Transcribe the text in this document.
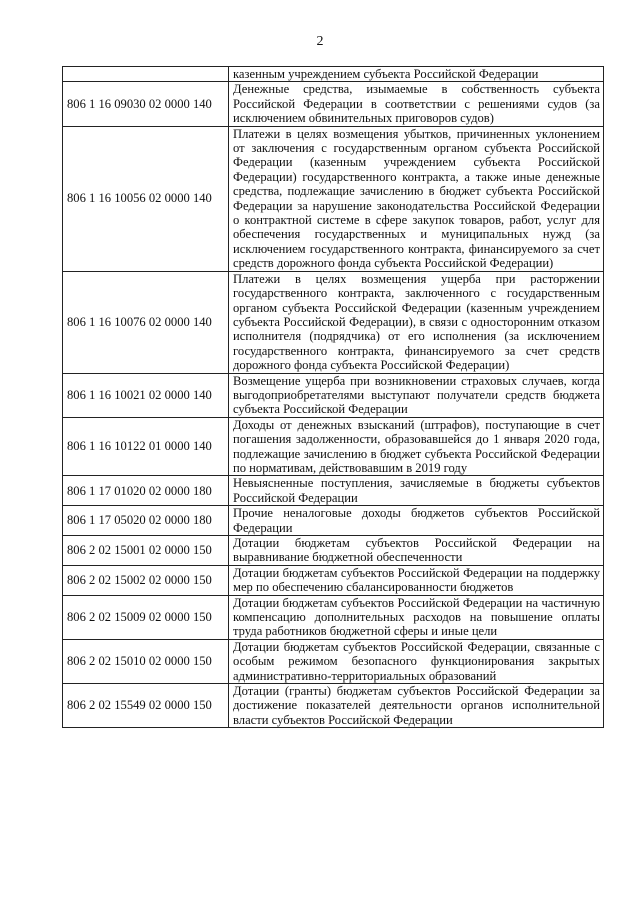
2
	казенным учреждением субъекта Российской Федерации
806 1 16 09030 02 0000 140	Денежные средства, изымаемые в собственность субъекта Российской Федерации в соответствии с решениями судов (за исключением обвинительных приговоров судов)
806 1 16 10056 02 0000 140	Платежи в целях возмещения убытков, причиненных уклонением от заключения с государственным органом субъекта Российской Федерации (казенным учреждением субъекта Российской Федерации) государственного контракта, а также иные денежные средства, подлежащие зачислению в бюджет субъекта Российской Федерации за нарушение законодательства Российской Федерации о контрактной системе в сфере закупок товаров, работ, услуг для обеспечения государственных и муниципальных нужд (за исключением государственного контракта, финансируемого за счет средств дорожного фонда субъекта Российской Федерации)
806 1 16 10076 02 0000 140	Платежи в целях возмещения ущерба при расторжении государственного контракта, заключенного с государственным органом субъекта Российской Федерации (казенным учреждением субъекта Российской Федерации), в связи с односторонним отказом исполнителя (подрядчика) от его исполнения (за исключением государственного контракта, финансируемого за счет средств дорожного фонда субъекта Российской Федерации)
806 1 16 10021 02 0000 140	Возмещение ущерба при возникновении страховых случаев, когда выгодоприобретателями выступают получатели средств бюджета субъекта Российской Федерации
806 1 16 10122 01 0000 140	Доходы от денежных взысканий (штрафов), поступающие в счет погашения задолженности, образовавшейся до 1 января 2020 года, подлежащие зачислению в бюджет субъекта Российской Федерации по нормативам, действовавшим в 2019 году
806 1 17 01020 02 0000 180	Невыясненные поступления, зачисляемые в бюджеты субъектов Российской Федерации
806 1 17 05020 02 0000 180	Прочие неналоговые доходы бюджетов субъектов Российской Федерации
806 2 02 15001 02 0000 150	Дотации бюджетам субъектов Российской Федерации на выравнивание бюджетной обеспеченности
806 2 02 15002 02 0000 150	Дотации бюджетам субъектов Российской Федерации на поддержку мер по обеспечению сбалансированности бюджетов
806 2 02 15009 02 0000 150	Дотации бюджетам субъектов Российской Федерации на частичную компенсацию дополнительных расходов на повышение оплаты труда работников бюджетной сферы и иные цели
806 2 02 15010 02 0000 150	Дотации бюджетам субъектов Российской Федерации, связанные с особым режимом безопасного функционирования закрытых административно-территориальных образований
806 2 02 15549 02 0000 150	Дотации (гранты) бюджетам субъектов Российской Федерации за достижение показателей деятельности органов исполнительной власти субъектов Российской Федерации
